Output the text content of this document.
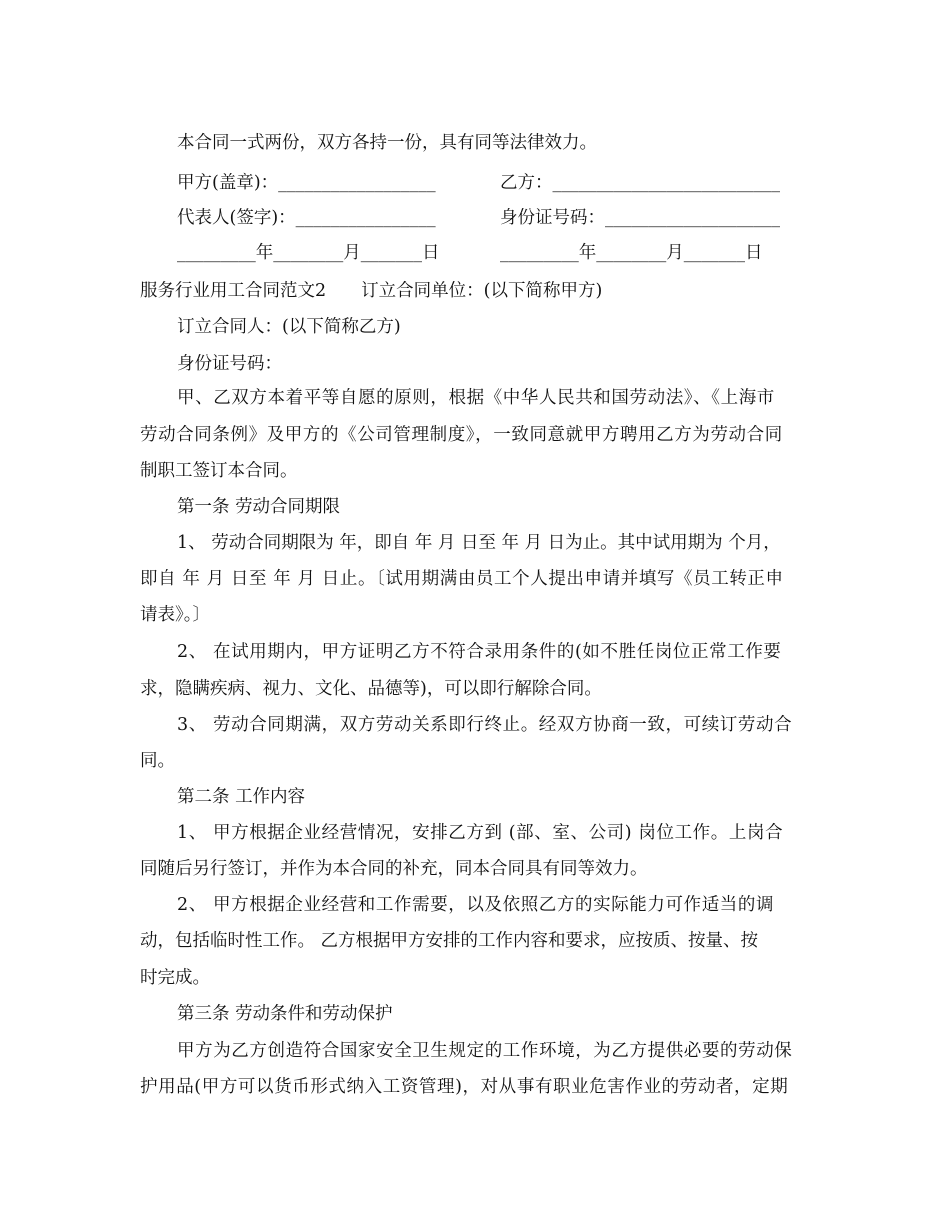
本合同一式两份，双方各持一份，具有同等法律效力。

甲方(盖章)：__________________	乙方：__________________________

代表人(签字)：________________	身份证号码：____________________

_________年________月_______日	_________年________月_______日

服务行业用工合同范文2　　订立合同单位：(以下简称甲方)

订立合同人：(以下简称乙方)

身份证号码：

甲、乙双方本着平等自愿的原则，根据《中华人民共和国劳动法》、《上海市

劳动合同条例》及甲方的《公司管理制度》，一致同意就甲方聘用乙方为劳动合同

制职工签订本合同。

第一条 劳动合同期限

1、 劳动合同期限为 年，即自 年 月 日至 年 月 日为止。其中试用期为 个月，

即自 年 月 日至 年 月 日止。〔试用期满由员工个人提出申请并填写《员工转正申

请表》。〕

2、 在试用期内，甲方证明乙方不符合录用条件的(如不胜任岗位正常工作要

求，隐瞒疾病、视力、文化、品德等)，可以即行解除合同。

3、 劳动合同期满，双方劳动关系即行终止。经双方协商一致，可续订劳动合

同。

第二条 工作内容

1、 甲方根据企业经营情况，安排乙方到 (部、室、公司) 岗位工作。上岗合

同随后另行签订，并作为本合同的补充，同本合同具有同等效力。

2、 甲方根据企业经营和工作需要，以及依照乙方的实际能力可作适当的调

动，包括临时性工作。 乙方根据甲方安排的工作内容和要求，应按质、按量、按

时完成。

第三条 劳动条件和劳动保护

甲方为乙方创造符合国家安全卫生规定的工作环境，为乙方提供必要的劳动保

护用品(甲方可以货币形式纳入工资管理)，对从事有职业危害作业的劳动者，定期
